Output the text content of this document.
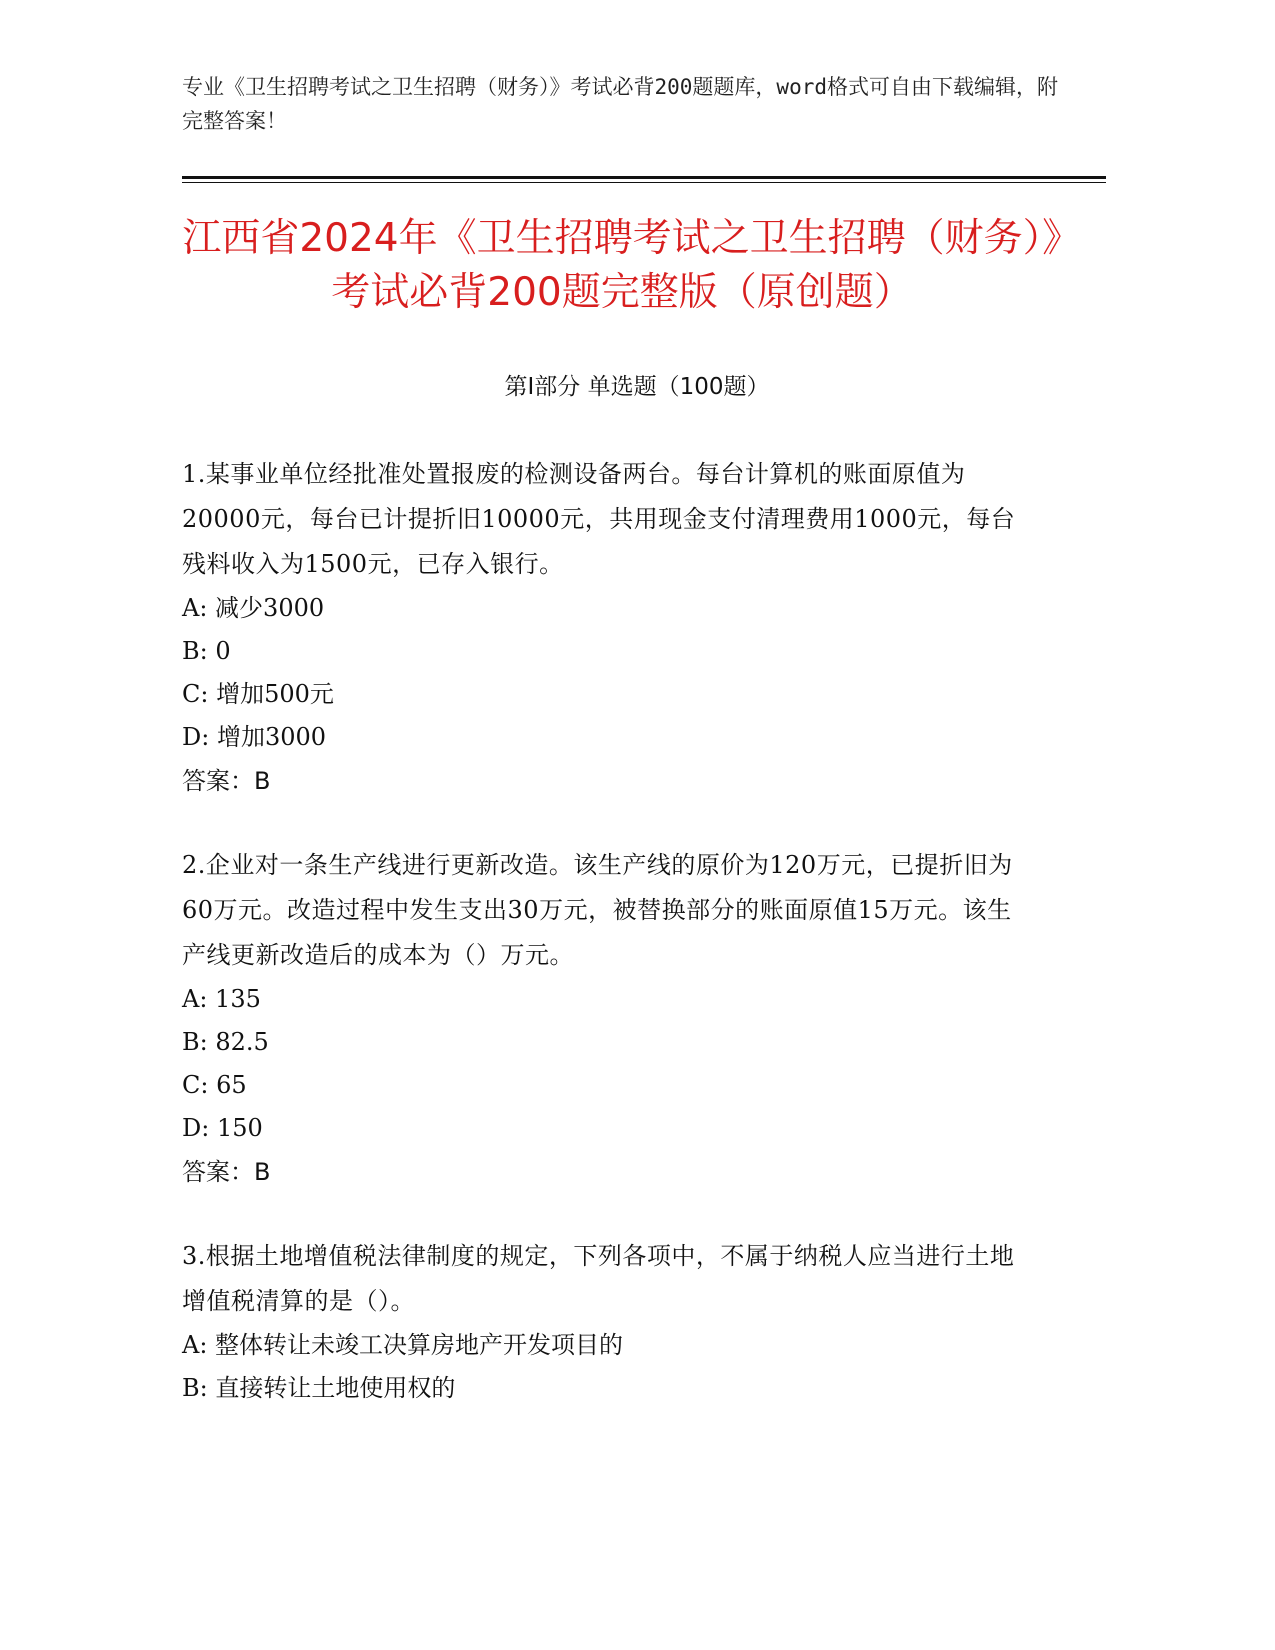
专业《卫生招聘考试之卫生招聘（财务）》考试必背200题题库，word格式可自由下载编辑，附完整答案！
江西省2024年《卫生招聘考试之卫生招聘（财务）》考试必背200题完整版（原创题）
第I部分 单选题（100题）
1.某事业单位经批准处置报废的检测设备两台。每台计算机的账面原值为20000元，每台已计提折旧10000元，共用现金支付清理费用1000元，每台残料收入为1500元，已存入银行。
A: 减少3000
B: 0
C: 增加500元
D: 增加3000
答案：B
2.企业对一条生产线进行更新改造。该生产线的原价为120万元，已提折旧为60万元。改造过程中发生支出30万元，被替换部分的账面原值15万元。该生产线更新改造后的成本为（）万元。
A: 135
B: 82.5
C: 65
D: 150
答案：B
3.根据土地增值税法律制度的规定，下列各项中，不属于纳税人应当进行土地增值税清算的是（）。
A: 整体转让未竣工决算房地产开发项目的
B: 直接转让土地使用权的
